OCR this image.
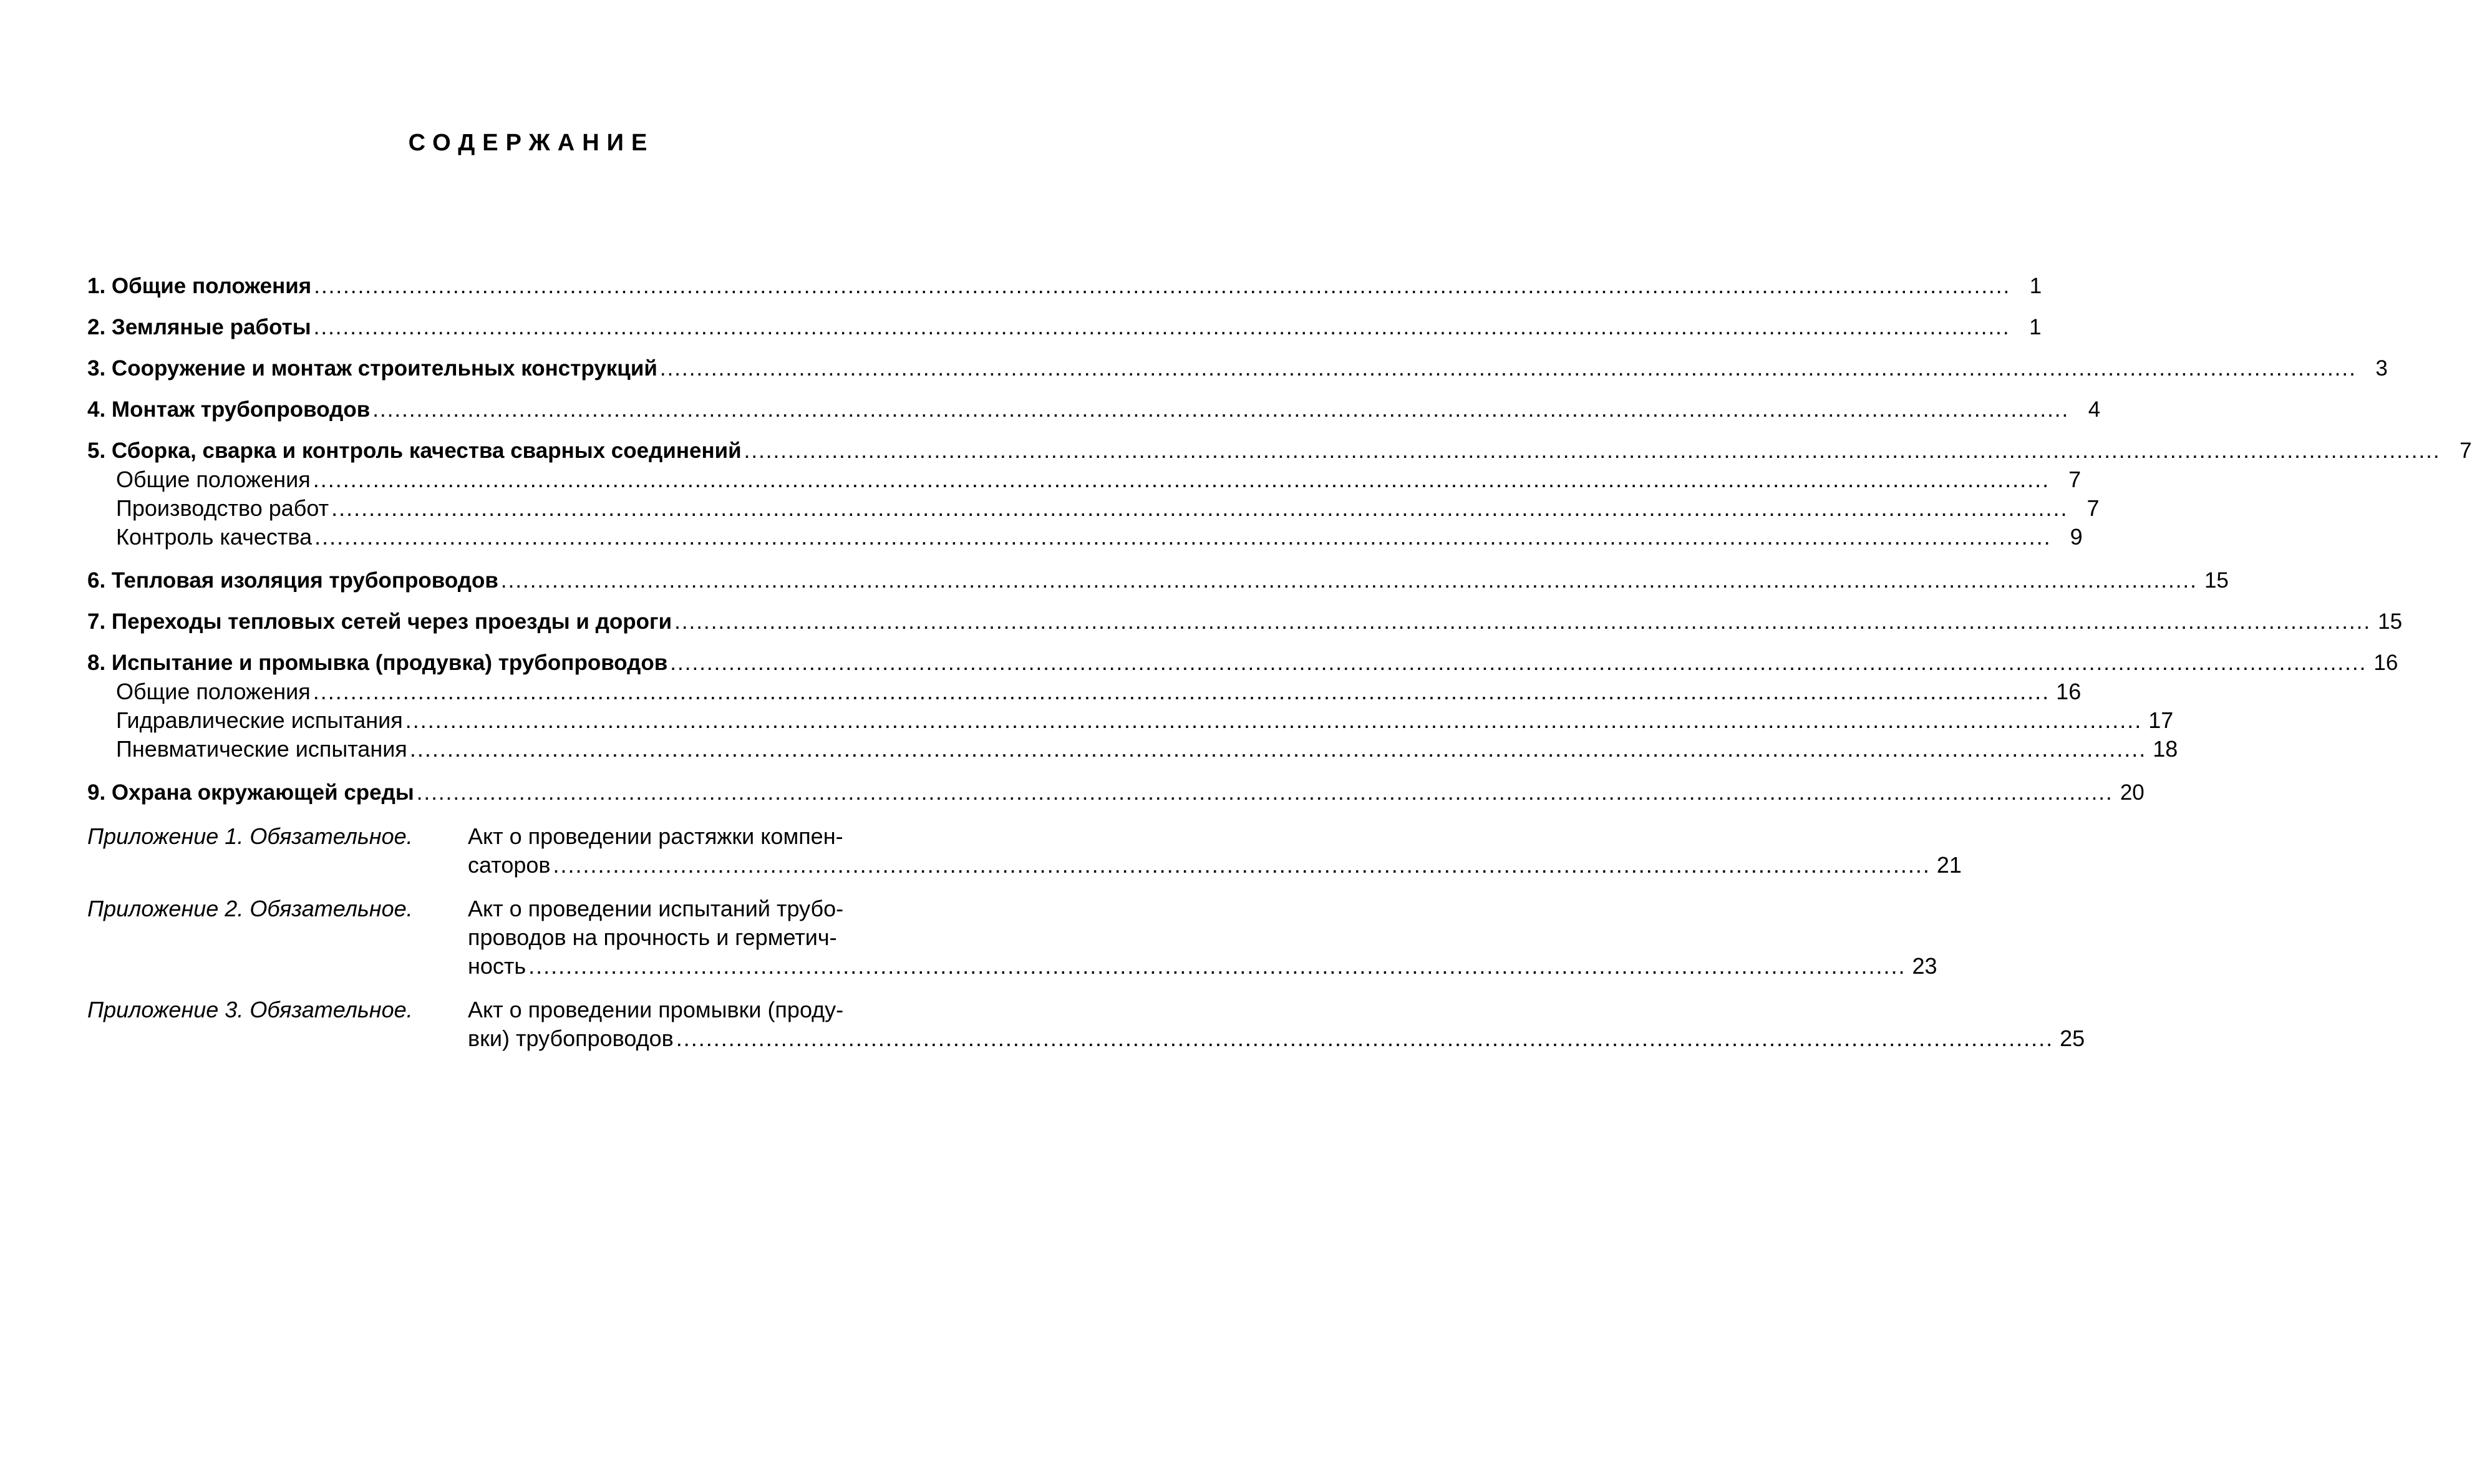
СОДЕРЖАНИЕ
1. Общие положения .....	1
2. Земляные работы .....	1
3. Сооружение и монтаж строительных конструкций .....	3
4. Монтаж трубопроводов .....	4
5. Сборка, сварка и контроль качества сварных соединений .....	7
Общие положения .....	7
Производство работ .....	7
Контроль качества .....	9
6. Тепловая изоляция трубопроводов .....	15
7. Переходы тепловых сетей через проезды и дороги .....	15
8. Испытание и промывка (продувка) трубопроводов .....	16
Общие положения .....	16
Гидравлические испытания .....	17
Пневматические испытания .....	18
9. Охрана окружающей среды .....	20
Приложение 1. Обязательное.	Акт о проведении растяжки компен-
саторов .....	21
Приложение 2. Обязательное.	Акт о проведении испытаний трубо-
проводов на прочность и герметич-
ность .....	23
Приложение 3. Обязательное.	Акт о проведении промывки (проду-
вки) трубопроводов .....	25
